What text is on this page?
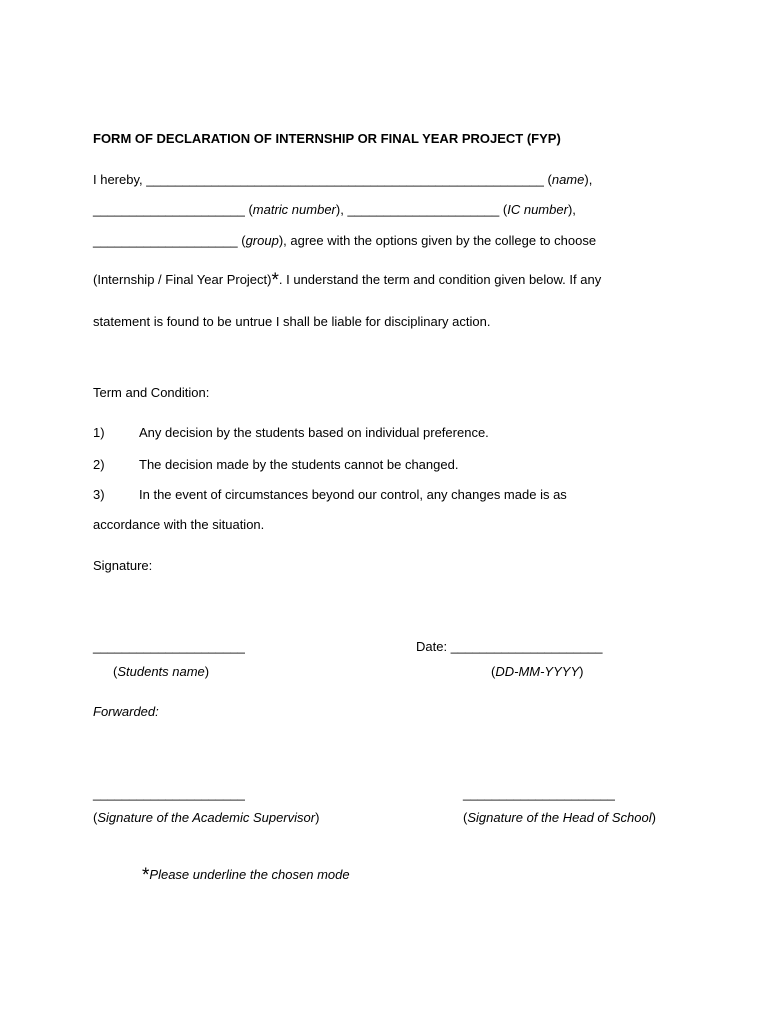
FORM OF DECLARATION OF INTERNSHIP OR FINAL YEAR PROJECT (FYP)
I hereby, _______________________________________________________ (name),
_____________________ (matric number), _____________________ (IC number),
____________________ (group), agree with the options given by the college to choose
(Internship / Final Year Project)*. I understand the term and condition given below. If any
statement is found to be untrue I shall be liable for disciplinary action.
Term and Condition:
1)	Any decision by the students based on individual preference.
2)	The decision made by the students cannot be changed.
3)	In the event of circumstances beyond our control, any changes made is as
accordance with the situation.
Signature:
_____________________	Date: _____________________
(Students name)	(DD-MM-YYYY)
Forwarded:
_____________________	_____________________
(Signature of the Academic Supervisor)	(Signature of the Head of School)
*Please underline the chosen mode
